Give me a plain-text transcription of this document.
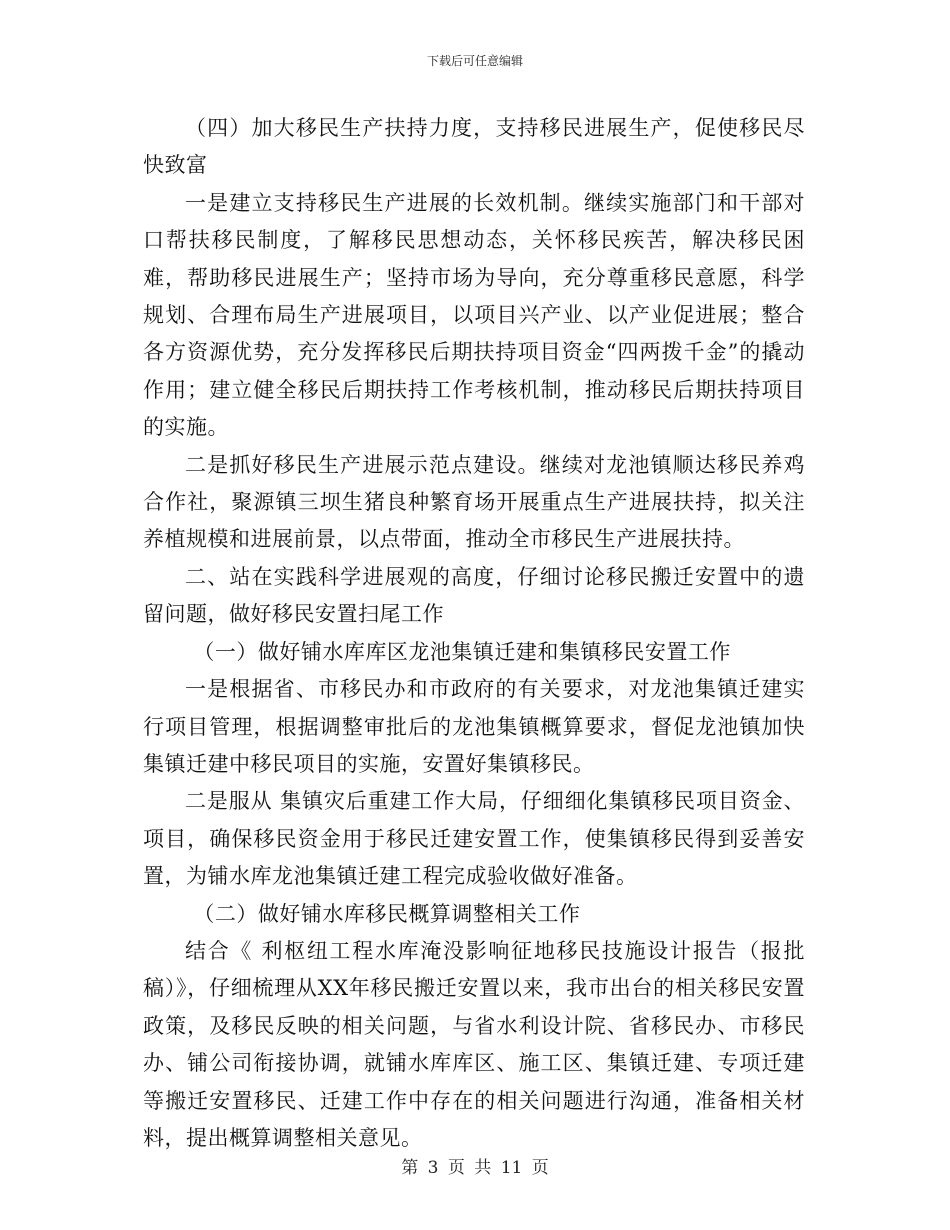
下载后可任意编辑

（四）加大移民生产扶持力度，支持移民进展生产，促使移民尽快致富

一是建立支持移民生产进展的长效机制。继续实施部门和干部对口帮扶移民制度，了解移民思想动态，关怀移民疾苦，解决移民困难，帮助移民进展生产；坚持市场为导向，充分尊重移民意愿，科学规划、合理布局生产进展项目，以项目兴产业、以产业促进展；整合各方资源优势，充分发挥移民后期扶持项目资金“四两拨千金”的撬动作用；建立健全移民后期扶持工作考核机制，推动移民后期扶持项目的实施。

二是抓好移民生产进展示范点建设。继续对龙池镇顺达移民养鸡合作社，聚源镇三坝生猪良种繁育场开展重点生产进展扶持，拟关注养植规模和进展前景，以点带面，推动全市移民生产进展扶持。

二、站在实践科学进展观的高度，仔细讨论移民搬迁安置中的遗留问题，做好移民安置扫尾工作

（一）做好铺水库库区龙池集镇迁建和集镇移民安置工作

一是根据省、市移民办和市政府的有关要求，对龙池集镇迁建实行项目管理，根据调整审批后的龙池集镇概算要求，督促龙池镇加快集镇迁建中移民项目的实施，安置好集镇移民。

二是服从 集镇灾后重建工作大局，仔细细化集镇移民项目资金、项目，确保移民资金用于移民迁建安置工作，使集镇移民得到妥善安置，为铺水库龙池集镇迁建工程完成验收做好准备。

（二）做好铺水库移民概算调整相关工作

结合《 利枢纽工程水库淹没影响征地移民技施设计报告（报批稿）》，仔细梳理从XX年移民搬迁安置以来，我市出台的相关移民安置政策，及移民反映的相关问题，与省水利设计院、省移民办、市移民办、铺公司衔接协调，就铺水库库区、施工区、集镇迁建、专项迁建等搬迁安置移民、迁建工作中存在的相关问题进行沟通，准备相关材料，提出概算调整相关意见。

第 3 页 共 11 页
